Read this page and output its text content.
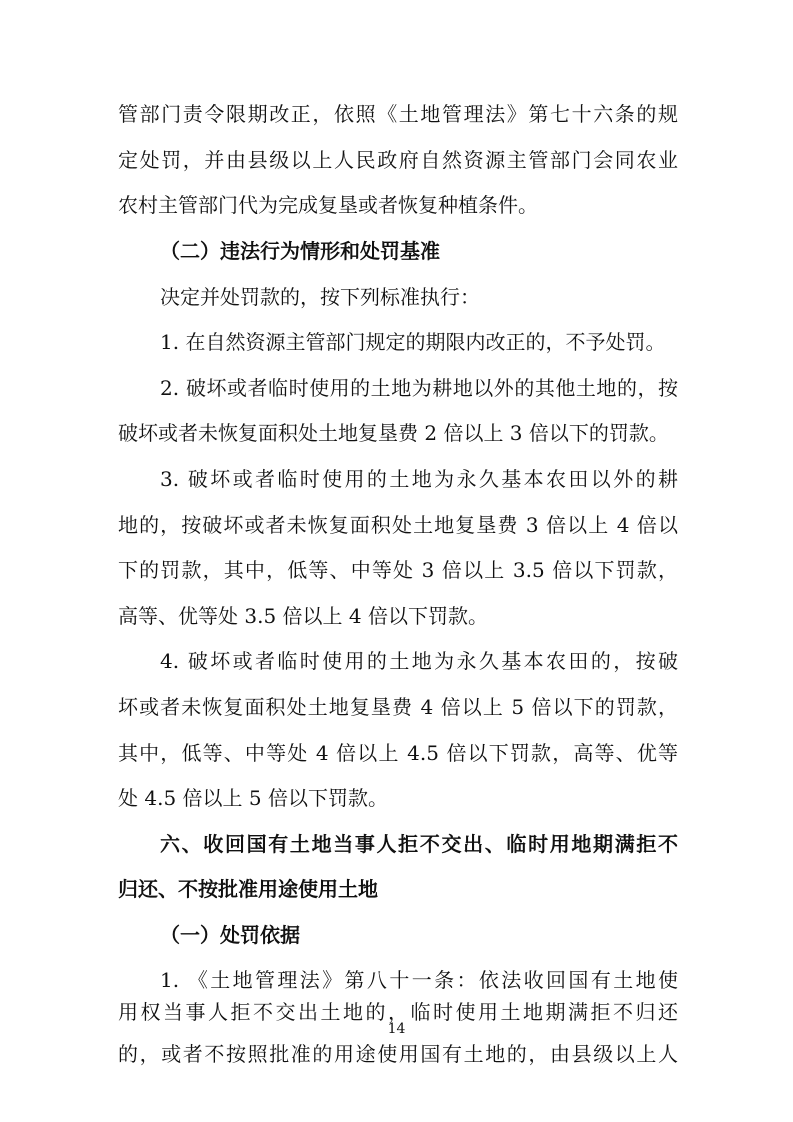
管部门责令限期改正，依照《土地管理法》第七十六条的规
定处罚，并由县级以上人民政府自然资源主管部门会同农业
农村主管部门代为完成复垦或者恢复种植条件。
（二）违法行为情形和处罚基准
决定并处罚款的，按下列标准执行：
1. 在自然资源主管部门规定的期限内改正的，不予处罚。
2. 破坏或者临时使用的土地为耕地以外的其他土地的，按
破坏或者未恢复面积处土地复垦费 2 倍以上 3 倍以下的罚款。
3. 破坏或者临时使用的土地为永久基本农田以外的耕
地的，按破坏或者未恢复面积处土地复垦费 3 倍以上 4 倍以
下的罚款，其中，低等、中等处 3 倍以上 3.5 倍以下罚款，
高等、优等处 3.5 倍以上 4 倍以下罚款。
4. 破坏或者临时使用的土地为永久基本农田的，按破
坏或者未恢复面积处土地复垦费 4 倍以上 5 倍以下的罚款，
其中，低等、中等处 4 倍以上 4.5 倍以下罚款，高等、优等
处 4.5 倍以上 5 倍以下罚款。
六、收回国有土地当事人拒不交出、临时用地期满拒不
归还、不按批准用途使用土地
（一）处罚依据
1. 《土地管理法》第八十一条：依法收回国有土地使
用权当事人拒不交出土地的，临时使用土地期满拒不归还
的，或者不按照批准的用途使用国有土地的，由县级以上人
14
